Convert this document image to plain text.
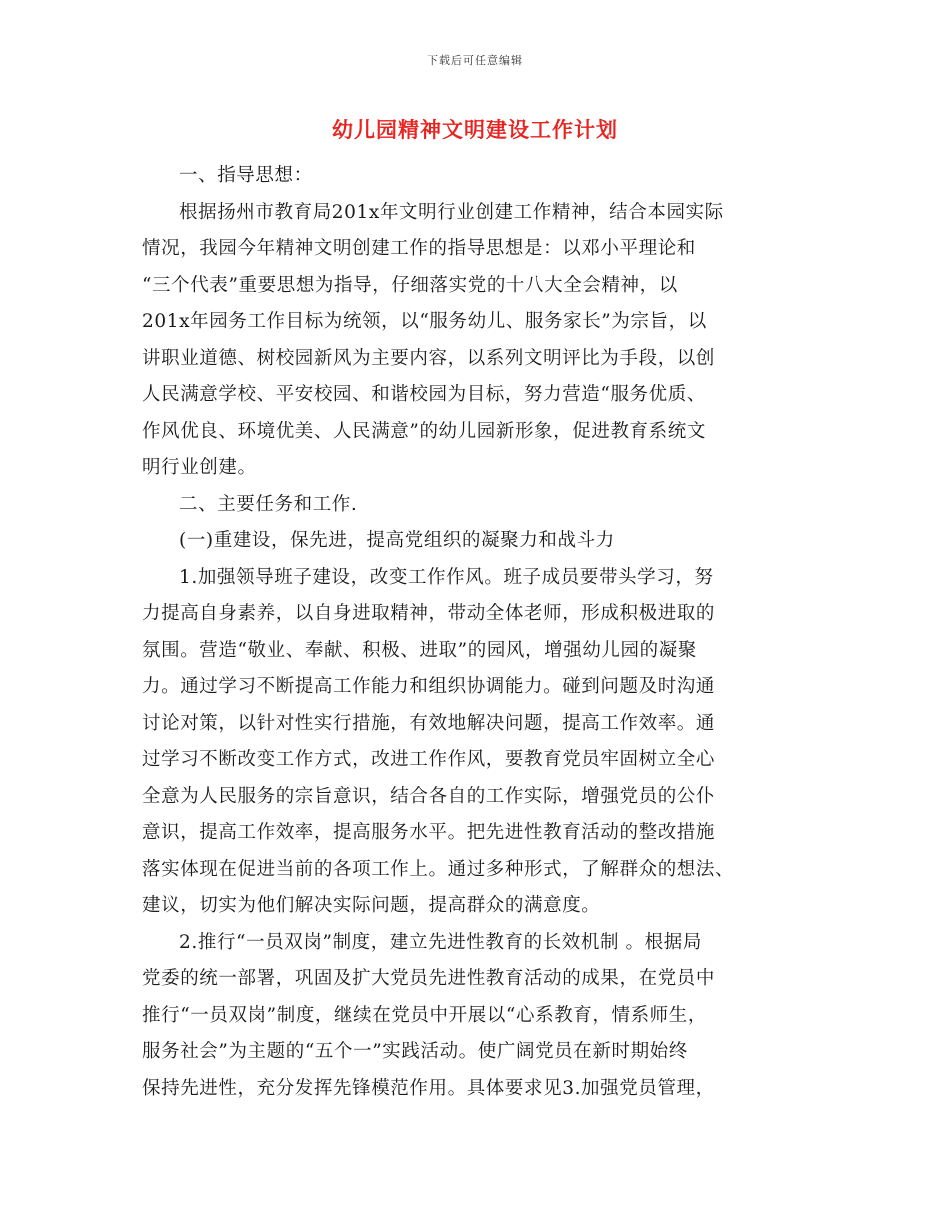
下载后可任意编辑
幼儿园精神文明建设工作计划

一、指导思想：

根据扬州市教育局201x年文明行业创建工作精神，结合本园实际
情况，我园今年精神文明创建工作的指导思想是：以邓小平理论和
“三个代表”重要思想为指导，仔细落实党的十八大全会精神，以
201x年园务工作目标为统领，以“服务幼儿、服务家长”为宗旨，以
讲职业道德、树校园新风为主要内容，以系列文明评比为手段，以创
人民满意学校、平安校园、和谐校园为目标，努力营造“服务优质、
作风优良、环境优美、人民满意”的幼儿园新形象，促进教育系统文
明行业创建。

二、主要任务和工作.

(一)重建设，保先进，提高党组织的凝聚力和战斗力

1.加强领导班子建设，改变工作作风。班子成员要带头学习，努
力提高自身素养，以自身进取精神，带动全体老师，形成积极进取的
氛围。营造“敬业、奉献、积极、进取”的园风，增强幼儿园的凝聚
力。通过学习不断提高工作能力和组织协调能力。碰到问题及时沟通
讨论对策，以针对性实行措施，有效地解决问题，提高工作效率。通
过学习不断改变工作方式，改进工作作风，要教育党员牢固树立全心
全意为人民服务的宗旨意识，结合各自的工作实际，增强党员的公仆
意识，提高工作效率，提高服务水平。把先进性教育活动的整改措施
落实体现在促进当前的各项工作上。通过多种形式，了解群众的想法、
建议，切实为他们解决实际问题，提高群众的满意度。

2.推行“一员双岗”制度，建立先进性教育的长效机制 。根据局
党委的统一部署，巩固及扩大党员先进性教育活动的成果，在党员中
推行“一员双岗”制度，继续在党员中开展以“心系教育，情系师生，
服务社会”为主题的“五个一”实践活动。使广阔党员在新时期始终
保持先进性，充分发挥先锋模范作用。具体要求见3.加强党员管理，
